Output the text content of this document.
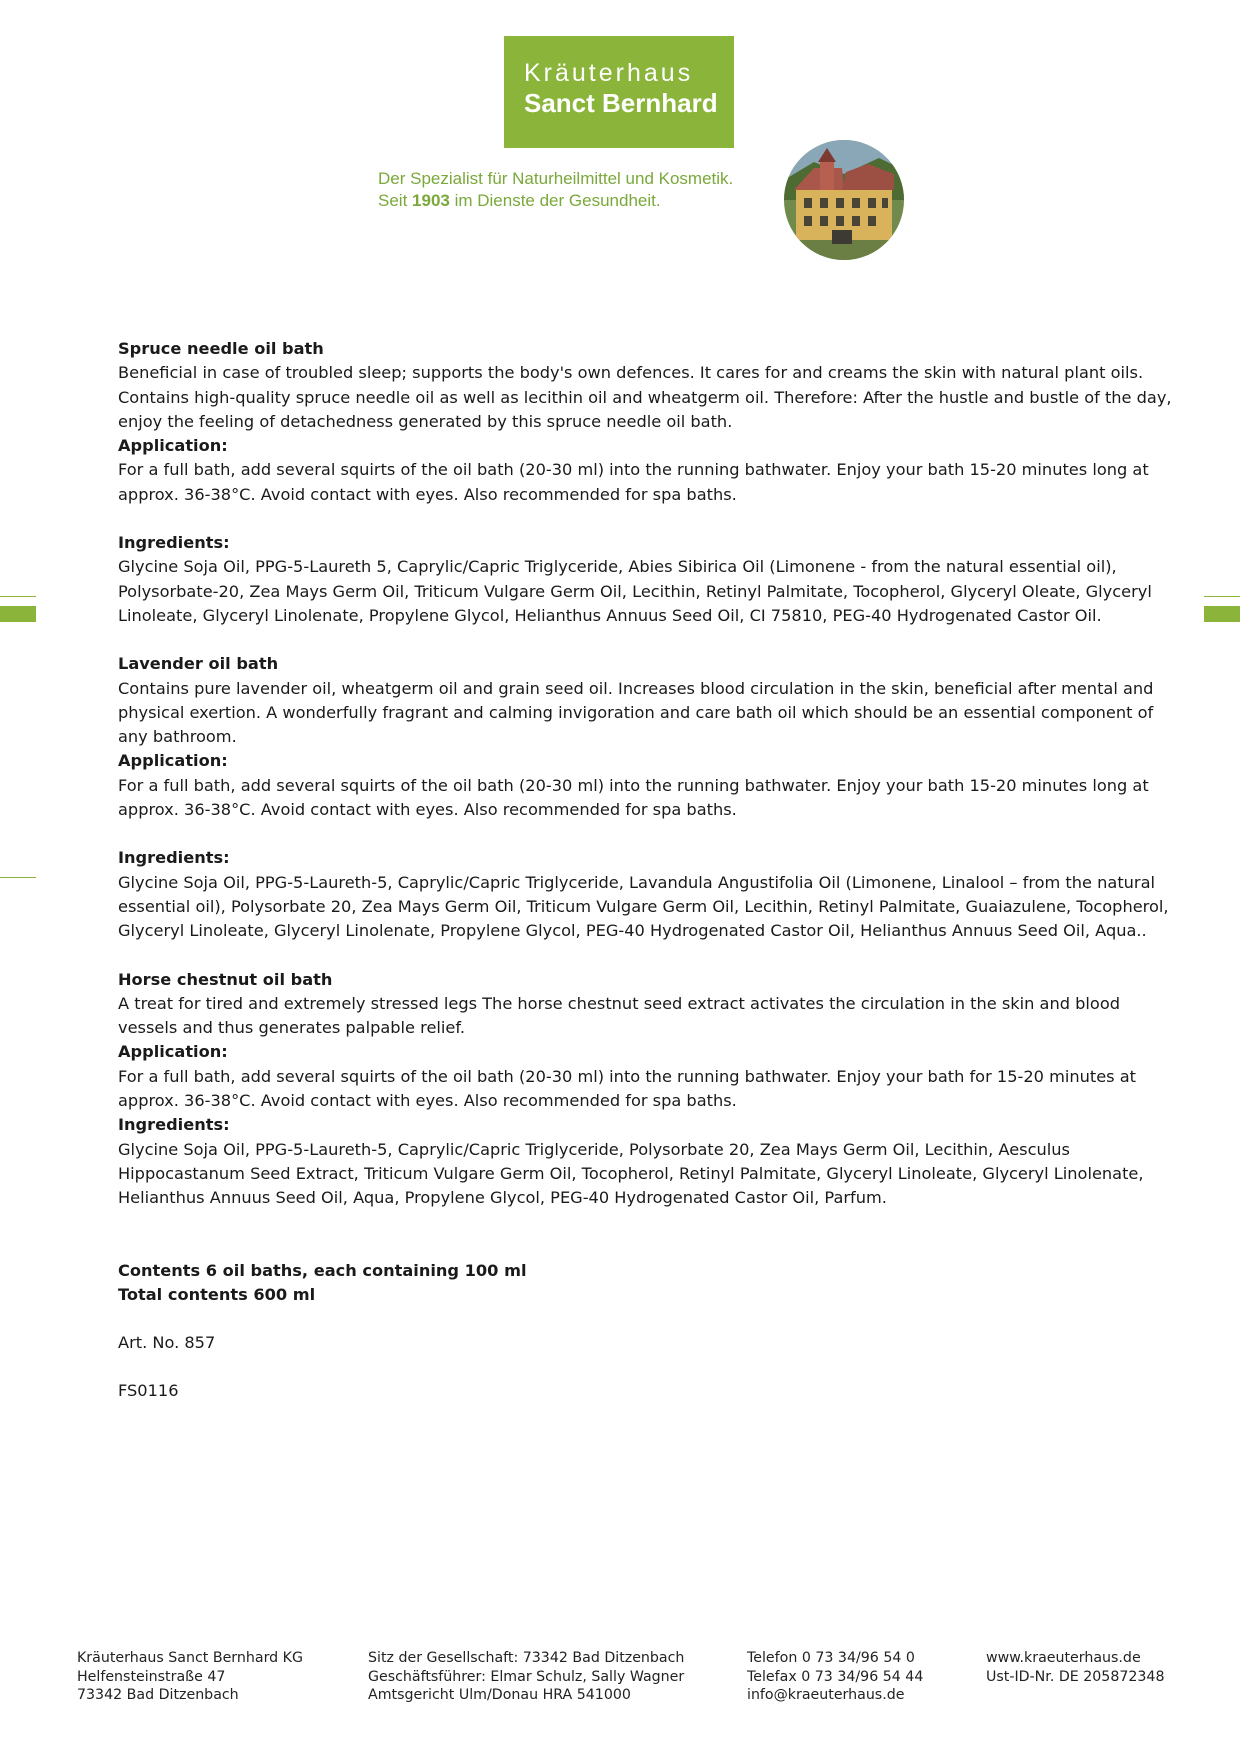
Kräuterhaus
Sanct Bernhard
Der Spezialist für Naturheilmittel und Kosmetik.
Seit 1903 im Dienste der Gesundheit.

Spruce needle oil bath

Beneficial in case of troubled sleep; supports the body's own defences. It cares for and creams the skin with natural plant oils. Contains high-quality spruce needle oil as well as lecithin oil and wheatgerm oil. Therefore: After the hustle and bustle of the day, enjoy the feeling of detachedness generated by this spruce needle oil bath.

Application:

For a full bath, add several squirts of the oil bath (20-30 ml) into the running bathwater. Enjoy your bath 15-20 minutes long at approx. 36-38°C. Avoid contact with eyes. Also recommended for spa baths.

Ingredients:

Glycine Soja Oil, PPG-5-Laureth 5, Caprylic/Capric Triglyceride, Abies Sibirica Oil (Limonene - from the natural essential oil), Polysorbate-20, Zea Mays Germ Oil, Triticum Vulgare Germ Oil, Lecithin, Retinyl Palmitate, Tocopherol, Glyceryl Oleate, Glyceryl Linoleate, Glyceryl Linolenate, Propylene Glycol, Helianthus Annuus Seed Oil, CI 75810, PEG-40 Hydrogenated Castor Oil.

Lavender oil bath

Contains pure lavender oil, wheatgerm oil and grain seed oil. Increases blood circulation in the skin, beneficial after mental and physical exertion. A wonderfully fragrant and calming invigoration and care bath oil which should be an essential component of any bathroom.

Application:

For a full bath, add several squirts of the oil bath (20-30 ml) into the running bathwater. Enjoy your bath 15-20 minutes long at approx. 36-38°C. Avoid contact with eyes. Also recommended for spa baths.

Ingredients:

Glycine Soja Oil, PPG-5-Laureth-5, Caprylic/Capric Triglyceride, Lavandula Angustifolia Oil (Limonene, Linalool – from the natural essential oil), Polysorbate 20, Zea Mays Germ Oil, Triticum Vulgare Germ Oil, Lecithin, Retinyl Palmitate, Guaiazulene, Tocopherol, Glyceryl Linoleate, Glyceryl Linolenate, Propylene Glycol, PEG-40 Hydrogenated Castor Oil, Helianthus Annuus Seed Oil, Aqua..

Horse chestnut oil bath

A treat for tired and extremely stressed legs The horse chestnut seed extract activates the circulation in the skin and blood vessels and thus generates palpable relief.

Application:

For a full bath, add several squirts of the oil bath (20-30 ml) into the running bathwater. Enjoy your bath for 15-20 minutes at approx. 36-38°C. Avoid contact with eyes. Also recommended for spa baths.

Ingredients:

Glycine Soja Oil, PPG-5-Laureth-5, Caprylic/Capric Triglyceride, Polysorbate 20, Zea Mays Germ Oil, Lecithin, Aesculus Hippocastanum Seed Extract, Triticum Vulgare Germ Oil, Tocopherol, Retinyl Palmitate, Glyceryl Linoleate, Glyceryl Linolenate, Helianthus Annuus Seed Oil, Aqua, Propylene Glycol, PEG-40 Hydrogenated Castor Oil, Parfum.

Contents 6 oil baths, each containing 100 ml

Total contents 600 ml

Art. No. 857

FS0116

Kräuterhaus Sanct Bernhard KG
Helfensteinstraße 47
73342 Bad Ditzenbach
Sitz der Gesellschaft: 73342 Bad Ditzenbach
Geschäftsführer: Elmar Schulz, Sally Wagner
Amtsgericht Ulm/Donau HRA 541000
Telefon 0 73 34/96 54 0
Telefax 0 73 34/96 54 44
info@kraeuterhaus.de
www.kraeuterhaus.de
Ust-ID-Nr. DE 205872348
